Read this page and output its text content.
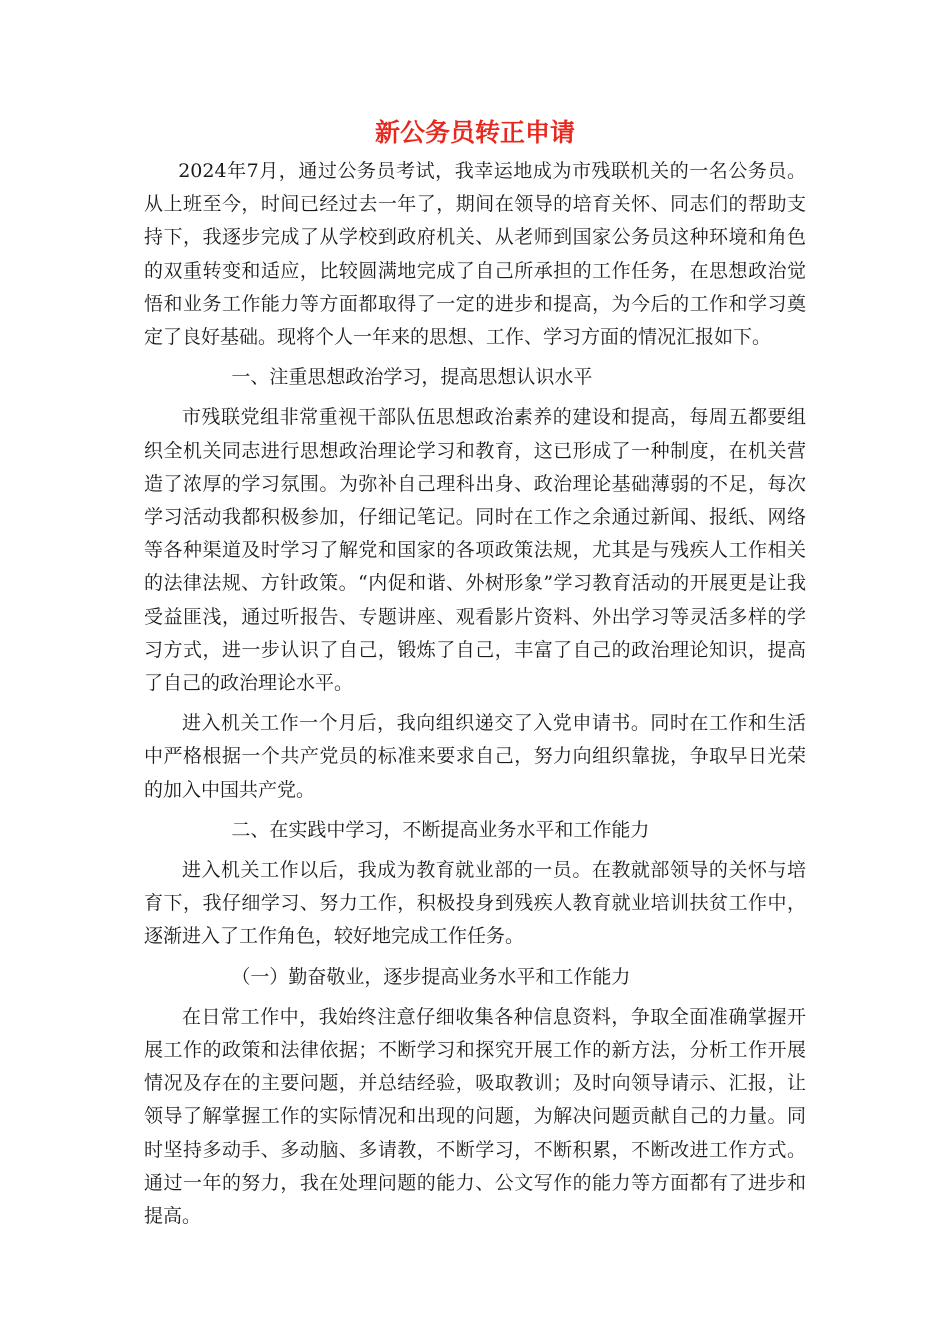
新公务员转正申请

2024年7月，通过公务员考试，我幸运地成为市残联机关的一名公务员。从上班至今，时间已经过去一年了，期间在领导的培育关怀、同志们的帮助支持下，我逐步完成了从学校到政府机关、从老师到国家公务员这种环境和角色的双重转变和适应，比较圆满地完成了自己所承担的工作任务，在思想政治觉悟和业务工作能力等方面都取得了一定的进步和提高，为今后的工作和学习奠定了良好基础。现将个人一年来的思想、工作、学习方面的情况汇报如下。

一、注重思想政治学习，提高思想认识水平

市残联党组非常重视干部队伍思想政治素养的建设和提高，每周五都要组织全机关同志进行思想政治理论学习和教育，这已形成了一种制度，在机关营造了浓厚的学习氛围。为弥补自己理科出身、政治理论基础薄弱的不足，每次学习活动我都积极参加，仔细记笔记。同时在工作之余通过新闻、报纸、网络等各种渠道及时学习了解党和国家的各项政策法规，尤其是与残疾人工作相关的法律法规、方针政策。“内促和谐、外树形象”学习教育活动的开展更是让我受益匪浅，通过听报告、专题讲座、观看影片资料、外出学习等灵活多样的学习方式，进一步认识了自己，锻炼了自己，丰富了自己的政治理论知识，提高了自己的政治理论水平。

进入机关工作一个月后，我向组织递交了入党申请书。同时在工作和生活中严格根据一个共产党员的标准来要求自己，努力向组织靠拢，争取早日光荣的加入中国共产党。

二、在实践中学习，不断提高业务水平和工作能力

进入机关工作以后，我成为教育就业部的一员。在教就部领导的关怀与培育下，我仔细学习、努力工作，积极投身到残疾人教育就业培训扶贫工作中，逐渐进入了工作角色，较好地完成工作任务。

（一）勤奋敬业，逐步提高业务水平和工作能力

在日常工作中，我始终注意仔细收集各种信息资料，争取全面准确掌握开展工作的政策和法律依据；不断学习和探究开展工作的新方法，分析工作开展情况及存在的主要问题，并总结经验，吸取教训；及时向领导请示、汇报，让领导了解掌握工作的实际情况和出现的问题，为解决问题贡献自己的力量。同时坚持多动手、多动脑、多请教，不断学习，不断积累，不断改进工作方式。通过一年的努力，我在处理问题的能力、公文写作的能力等方面都有了进步和提高。
